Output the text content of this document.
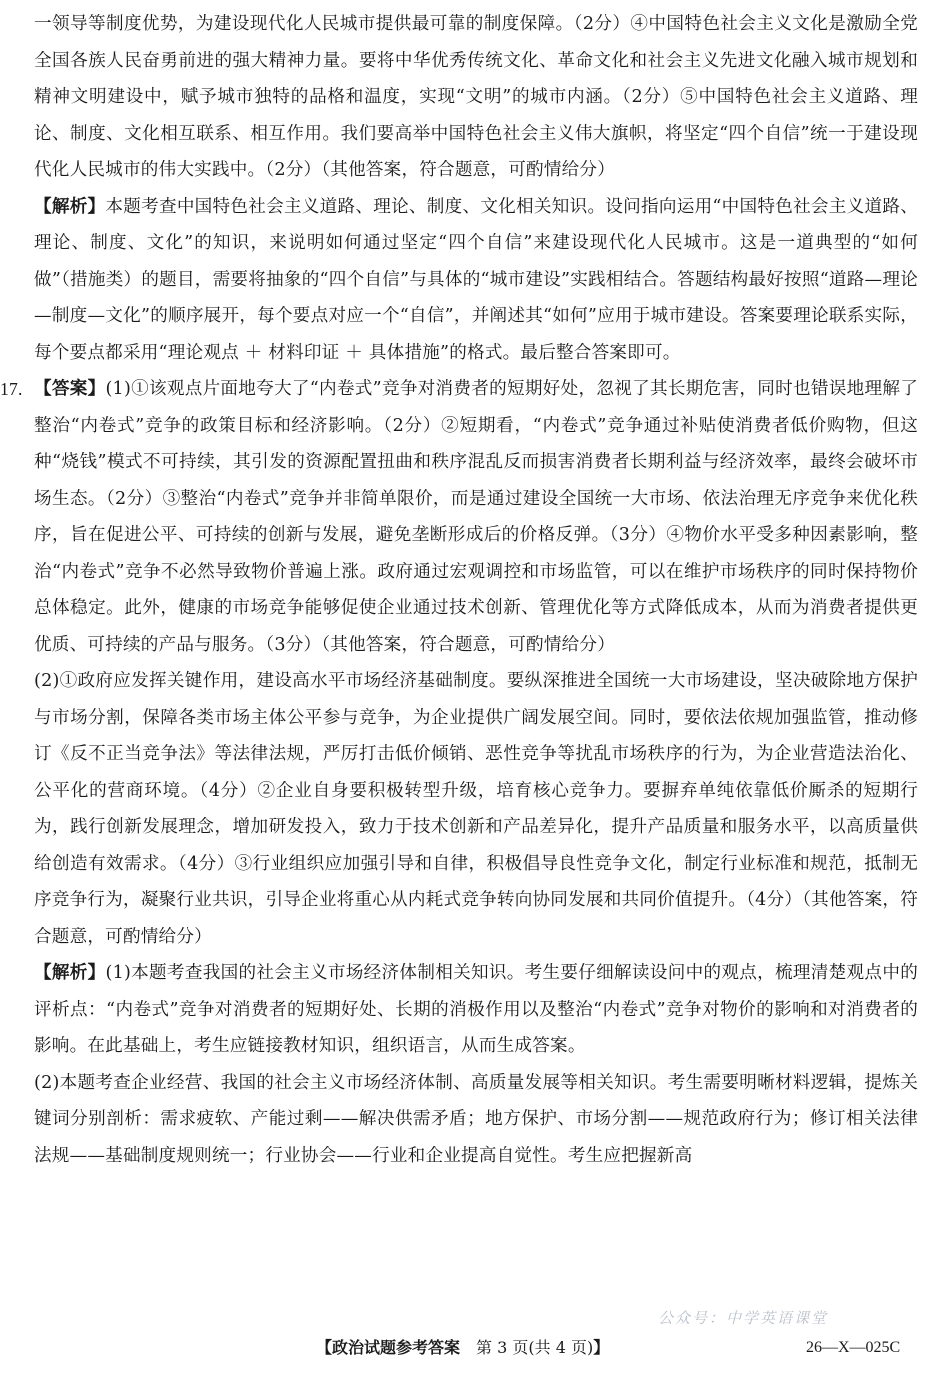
一领导等制度优势，为建设现代化人民城市提供最可靠的制度保障。（2分）④中国特色社会主义文化是激励全党全国各族人民奋勇前进的强大精神力量。要将中华优秀传统文化、革命文化和社会主义先进文化融入城市规划和精神文明建设中，赋予城市独特的品格和温度，实现“文明”的城市内涵。（2分）⑤中国特色社会主义道路、理论、制度、文化相互联系、相互作用。我们要高举中国特色社会主义伟大旗帜，将坚定“四个自信”统一于建设现代化人民城市的伟大实践中。（2分）（其他答案，符合题意，可酌情给分）

【解析】本题考查中国特色社会主义道路、理论、制度、文化相关知识。设问指向运用“中国特色社会主义道路、理论、制度、文化”的知识，来说明如何通过坚定“四个自信”来建设现代化人民城市。这是一道典型的“如何做”（措施类）的题目，需要将抽象的“四个自信”与具体的“城市建设”实践相结合。答题结构最好按照“道路—理论—制度—文化”的顺序展开，每个要点对应一个“自信”，并阐述其“如何”应用于城市建设。答案要理论联系实际，每个要点都采用“理论观点 ＋ 材料印证 ＋ 具体措施”的格式。最后整合答案即可。

17. 【答案】(1)①该观点片面地夸大了“内卷式”竞争对消费者的短期好处，忽视了其长期危害，同时也错误地理解了整治“内卷式”竞争的政策目标和经济影响。（2分）②短期看，“内卷式”竞争通过补贴使消费者低价购物，但这种“烧钱”模式不可持续，其引发的资源配置扭曲和秩序混乱反而损害消费者长期利益与经济效率，最终会破坏市场生态。（2分）③整治“内卷式”竞争并非简单限价，而是通过建设全国统一大市场、依法治理无序竞争来优化秩序，旨在促进公平、可持续的创新与发展，避免垄断形成后的价格反弹。（3分）④物价水平受多种因素影响，整治“内卷式”竞争不必然导致物价普遍上涨。政府通过宏观调控和市场监管，可以在维护市场秩序的同时保持物价总体稳定。此外，健康的市场竞争能够促使企业通过技术创新、管理优化等方式降低成本，从而为消费者提供更优质、可持续的产品与服务。（3分）（其他答案，符合题意，可酌情给分）

(2)①政府应发挥关键作用，建设高水平市场经济基础制度。要纵深推进全国统一大市场建设，坚决破除地方保护与市场分割，保障各类市场主体公平参与竞争，为企业提供广阔发展空间。同时，要依法依规加强监管，推动修订《反不正当竞争法》等法律法规，严厉打击低价倾销、恶性竞争等扰乱市场秩序的行为，为企业营造法治化、公平化的营商环境。（4分）②企业自身要积极转型升级，培育核心竞争力。要摒弃单纯依靠低价厮杀的短期行为，践行创新发展理念，增加研发投入，致力于技术创新和产品差异化，提升产品质量和服务水平，以高质量供给创造有效需求。（4分）③行业组织应加强引导和自律，积极倡导良性竞争文化，制定行业标准和规范，抵制无序竞争行为，凝聚行业共识，引导企业将重心从内耗式竞争转向协同发展和共同价值提升。（4分）（其他答案，符合题意，可酌情给分）

【解析】(1)本题考查我国的社会主义市场经济体制相关知识。考生要仔细解读设问中的观点，梳理清楚观点中的评析点：“内卷式”竞争对消费者的短期好处、长期的消极作用以及整治“内卷式”竞争对物价的影响和对消费者的影响。在此基础上，考生应链接教材知识，组织语言，从而生成答案。

(2)本题考查企业经营、我国的社会主义市场经济体制、高质量发展等相关知识。考生需要明晰材料逻辑，提炼关键词分别剖析：需求疲软、产能过剩——解决供需矛盾；地方保护、市场分割——规范政府行为；修订相关法律法规——基础制度规则统一；行业协会——行业和企业提高自觉性。考生应把握新高

公众号：中学英语课堂
【政治试题参考答案　第 3 页(共 4 页)】	26—X—025C
